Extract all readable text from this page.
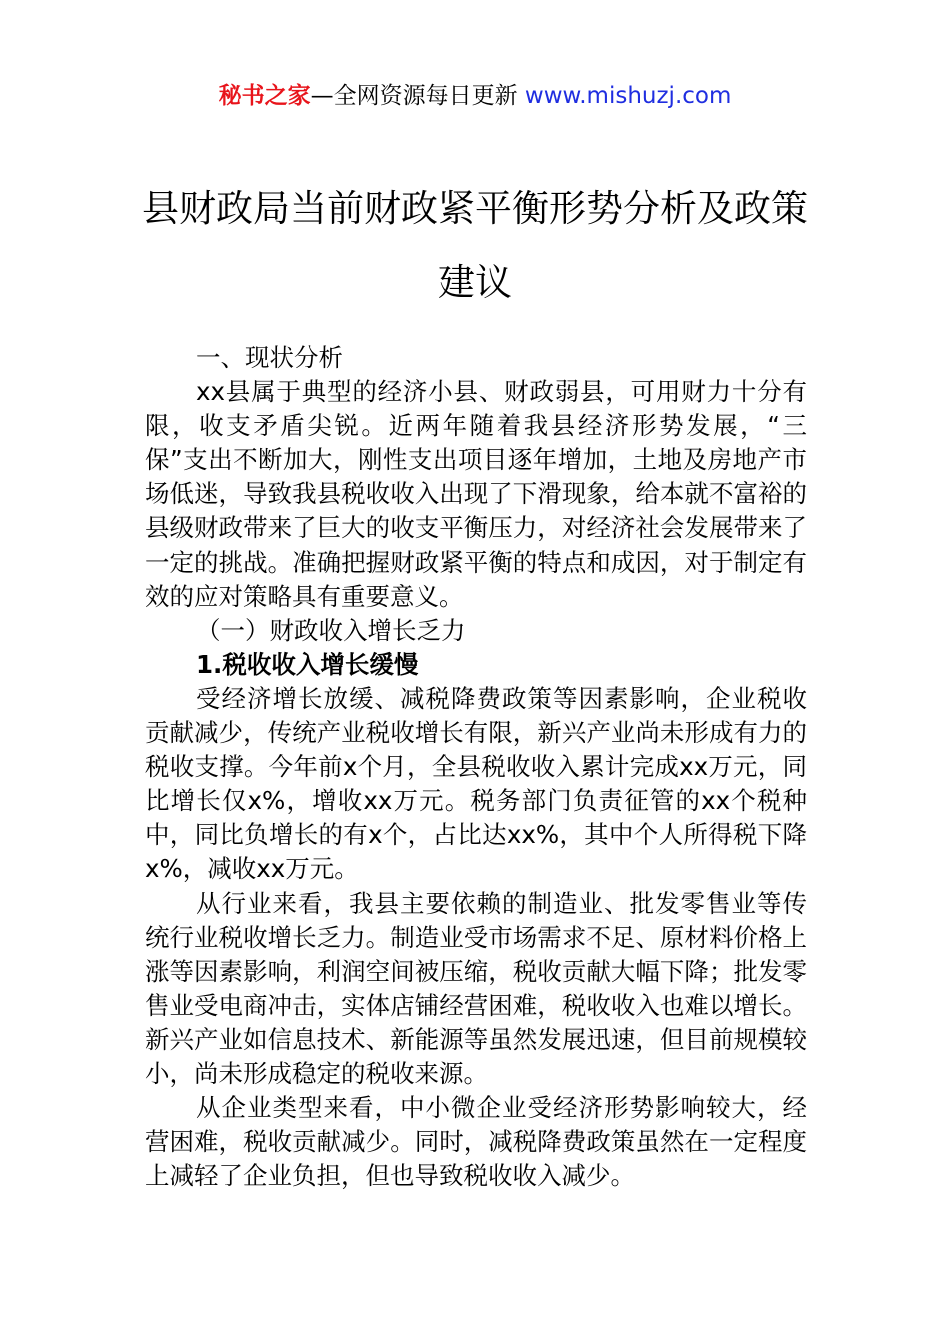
秘书之家—全网资源每日更新 www.mishuzj.com
县财政局当前财政紧平衡形势分析及政策建议

一、现状分析

xx县属于典型的经济小县、财政弱县，可用财力十分有限，收支矛盾尖锐。近两年随着我县经济形势发展，“三保”支出不断加大，刚性支出项目逐年增加，土地及房地产市场低迷，导致我县税收收入出现了下滑现象，给本就不富裕的县级财政带来了巨大的收支平衡压力，对经济社会发展带来了一定的挑战。准确把握财政紧平衡的特点和成因，对于制定有效的应对策略具有重要意义。

（一）财政收入增长乏力

1.税收收入增长缓慢

受经济增长放缓、减税降费政策等因素影响，企业税收贡献减少，传统产业税收增长有限，新兴产业尚未形成有力的税收支撑。今年前x个月，全县税收收入累计完成xx万元，同比增长仅x%，增收xx万元。税务部门负责征管的xx个税种中，同比负增长的有x个，占比达xx%，其中个人所得税下降x%，减收xx万元。

从行业来看，我县主要依赖的制造业、批发零售业等传统行业税收增长乏力。制造业受市场需求不足、原材料价格上涨等因素影响，利润空间被压缩，税收贡献大幅下降；批发零售业受电商冲击，实体店铺经营困难，税收收入也难以增长。新兴产业如信息技术、新能源等虽然发展迅速，但目前规模较小，尚未形成稳定的税收来源。

从企业类型来看，中小微企业受经济形势影响较大，经营困难，税收贡献减少。同时，减税降费政策虽然在一定程度上减轻了企业负担，但也导致税收收入减少。
